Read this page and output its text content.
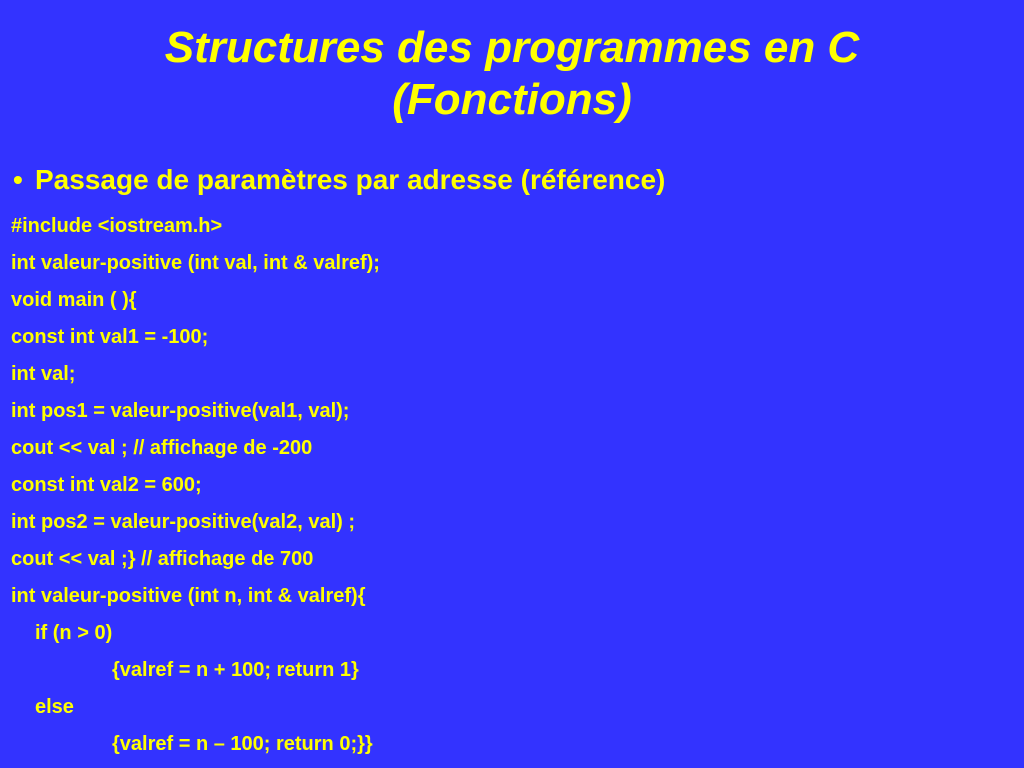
Structures des programmes en C
(Fonctions)
• Passage de paramètres par adresse (référence)
#include <iostream.h>
int valeur-positive (int val, int & valref);
void main ( ){
const int val1 = -100;
int val;
int pos1 = valeur-positive(val1, val);
cout << val ; // affichage de -200
const int val2 = 600;
int pos2 = valeur-positive(val2, val) ;
cout << val ;} // affichage de 700
int valeur-positive (int n, int & valref){
if (n > 0)
{valref = n + 100; return 1}
else
{valref = n – 100; return 0;}}
